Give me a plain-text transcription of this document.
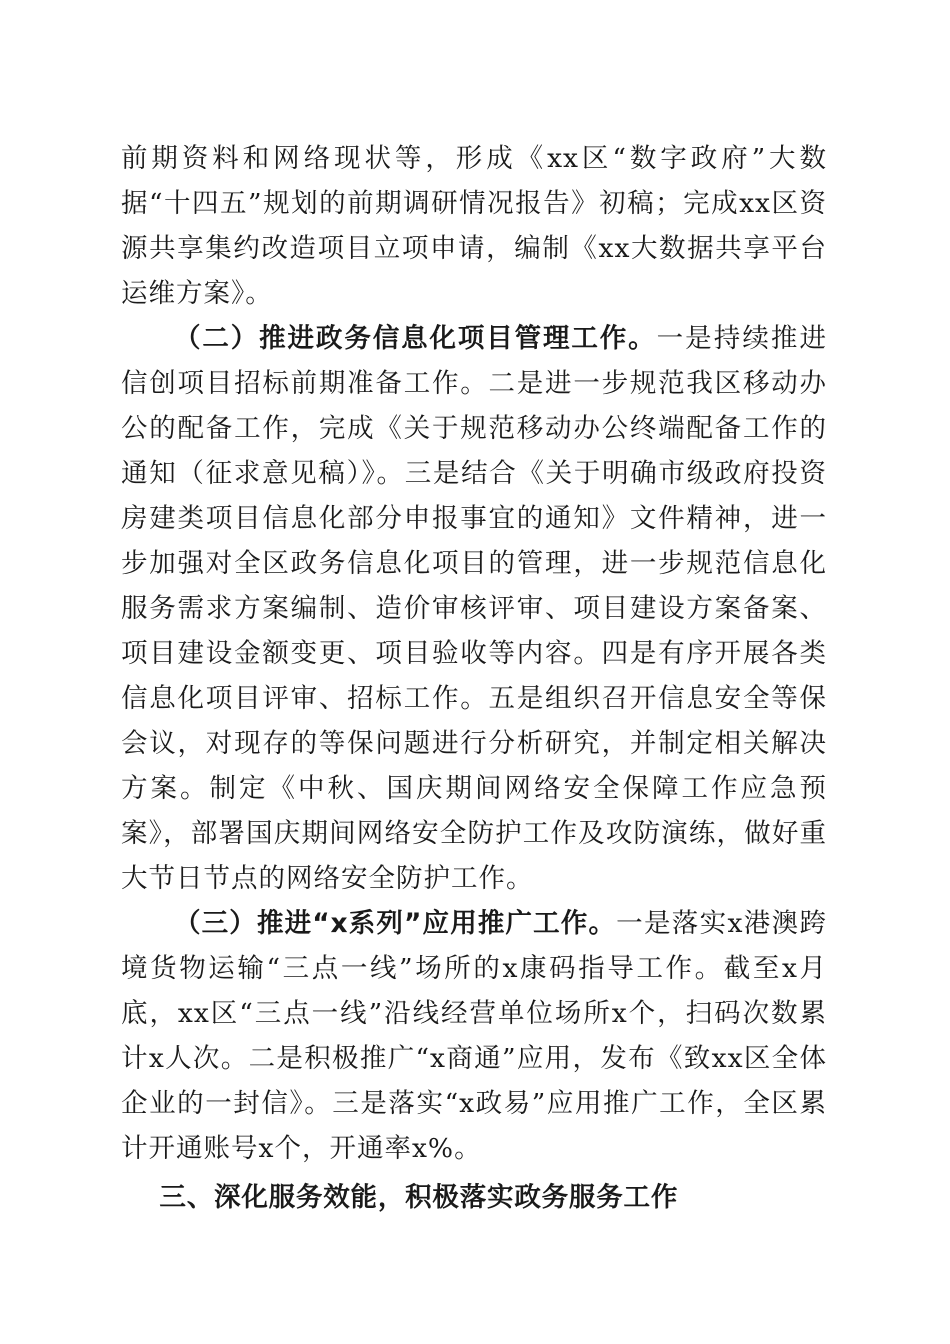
前期资料和网络现状等，形成《xx区“数字政府”大数据“十四五”规划的前期调研情况报告》初稿；完成xx区资源共享集约改造项目立项申请，编制《xx大数据共享平台运维方案》。

（二）推进政务信息化项目管理工作。一是持续推进信创项目招标前期准备工作。二是进一步规范我区移动办公的配备工作，完成《关于规范移动办公终端配备工作的通知（征求意见稿）》。三是结合《关于明确市级政府投资房建类项目信息化部分申报事宜的通知》文件精神，进一步加强对全区政务信息化项目的管理，进一步规范信息化服务需求方案编制、造价审核评审、项目建设方案备案、项目建设金额变更、项目验收等内容。四是有序开展各类信息化项目评审、招标工作。五是组织召开信息安全等保会议，对现存的等保问题进行分析研究，并制定相关解决方案。制定《中秋、国庆期间网络安全保障工作应急预案》，部署国庆期间网络安全防护工作及攻防演练，做好重大节日节点的网络安全防护工作。

（三）推进“x系列”应用推广工作。一是落实x港澳跨境货物运输“三点一线”场所的x康码指导工作。截至x月底，xx区“三点一线”沿线经营单位场所x个，扫码次数累计x人次。二是积极推广“x商通”应用，发布《致xx区全体企业的一封信》。三是落实“x政易”应用推广工作，全区累计开通账号x个，开通率x%。

三、深化服务效能，积极落实政务服务工作
